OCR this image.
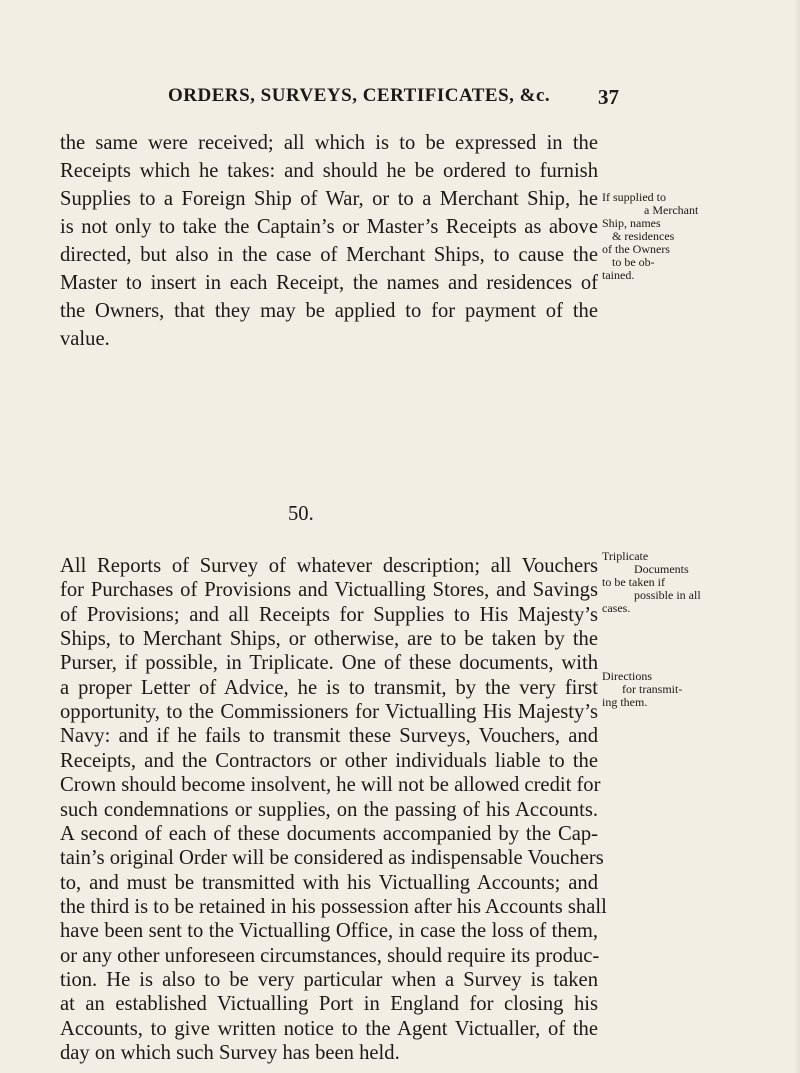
ORDERS, SURVEYS, CERTIFICATES, &c. 37
the same were received; all which is to be expressed in the
Receipts which he takes: and should he be ordered to furnish
Supplies to a Foreign Ship of War, or to a Merchant Ship, he
is not only to take the Captain’s or Master’s Receipts as above
directed, but also in the case of Merchant Ships, to cause the
Master to insert in each Receipt, the names and residences of
the Owners, that they may be applied to for payment of the
value.
If supplied to
a Merchant
Ship, names
& residences
of the Owners
to be ob-
tained.
50.
All Reports of Survey of whatever description; all Vouchers
for Purchases of Provisions and Victualling Stores, and Savings
of Provisions; and all Receipts for Supplies to His Majesty’s
Ships, to Merchant Ships, or otherwise, are to be taken by the
Purser, if possible, in Triplicate. One of these documents, with
a proper Letter of Advice, he is to transmit, by the very first
opportunity, to the Commissioners for Victualling His Majesty’s
Navy: and if he fails to transmit these Surveys, Vouchers, and
Receipts, and the Contractors or other individuals liable to the
Crown should become insolvent, he will not be allowed credit for
such condemnations or supplies, on the passing of his Accounts.
A second of each of these documents accompanied by the Cap-
tain’s original Order will be considered as indispensable Vouchers
to, and must be transmitted with his Victualling Accounts; and
the third is to be retained in his possession after his Accounts shall
have been sent to the Victualling Office, in case the loss of them,
or any other unforeseen circumstances, should require its produc-
tion. He is also to be very particular when a Survey is taken
at an established Victualling Port in England for closing his
Accounts, to give written notice to the Agent Victualler, of the
day on which such Survey has been held.
Triplicate
Documents
to be taken if
possible in all
cases.
Directions
for transmit-
ing them.
